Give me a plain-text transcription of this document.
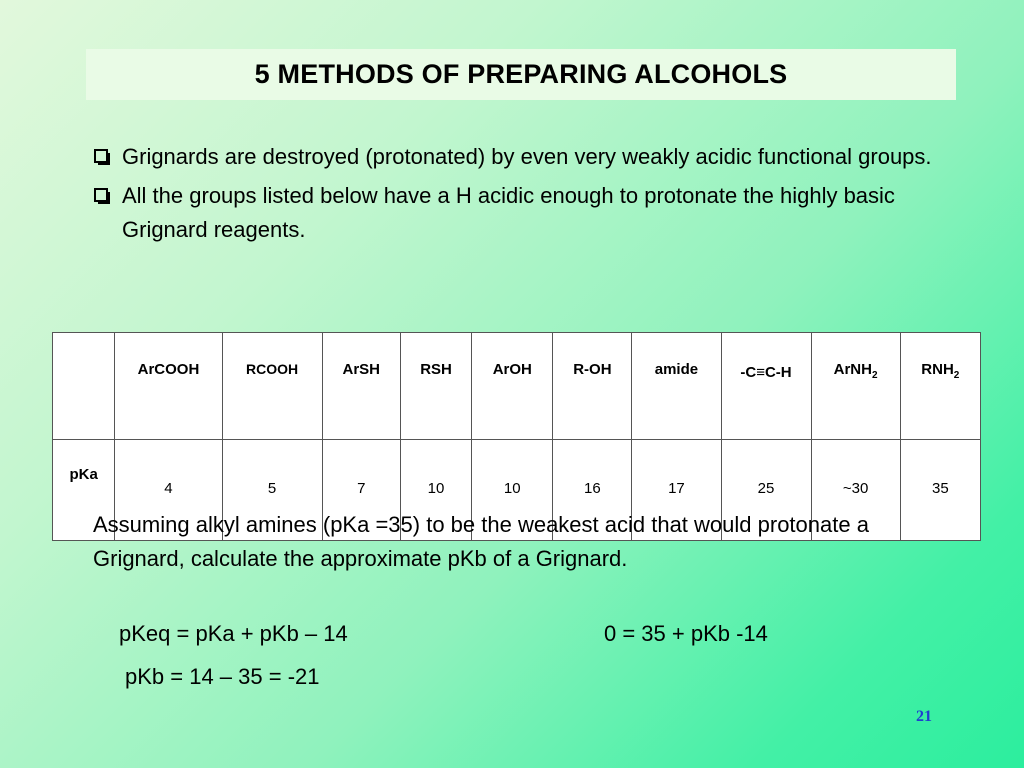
5 METHODS OF PREPARING ALCOHOLS
Grignards are destroyed (protonated) by even very weakly acidic functional groups.
All the groups listed below have a H acidic enough to protonate the highly basic Grignard reagents.
	ArCOOH	RCOOH	ArSH	RSH	ArOH	R-OH	amide	-C≡C-H	ArNH$_2$	$RNH_2$
pKa	4	5	7	10	10	16	17	25	~30	35
Assuming alkyl amines (pKa =35) to be the weakest acid that would protonate a Grignard, calculate the approximate pKb of a Grignard.
pKeq = pKa + pKb – 14	0 = 35 + pKb -14
pKb = 14 – 35 = -21
21
